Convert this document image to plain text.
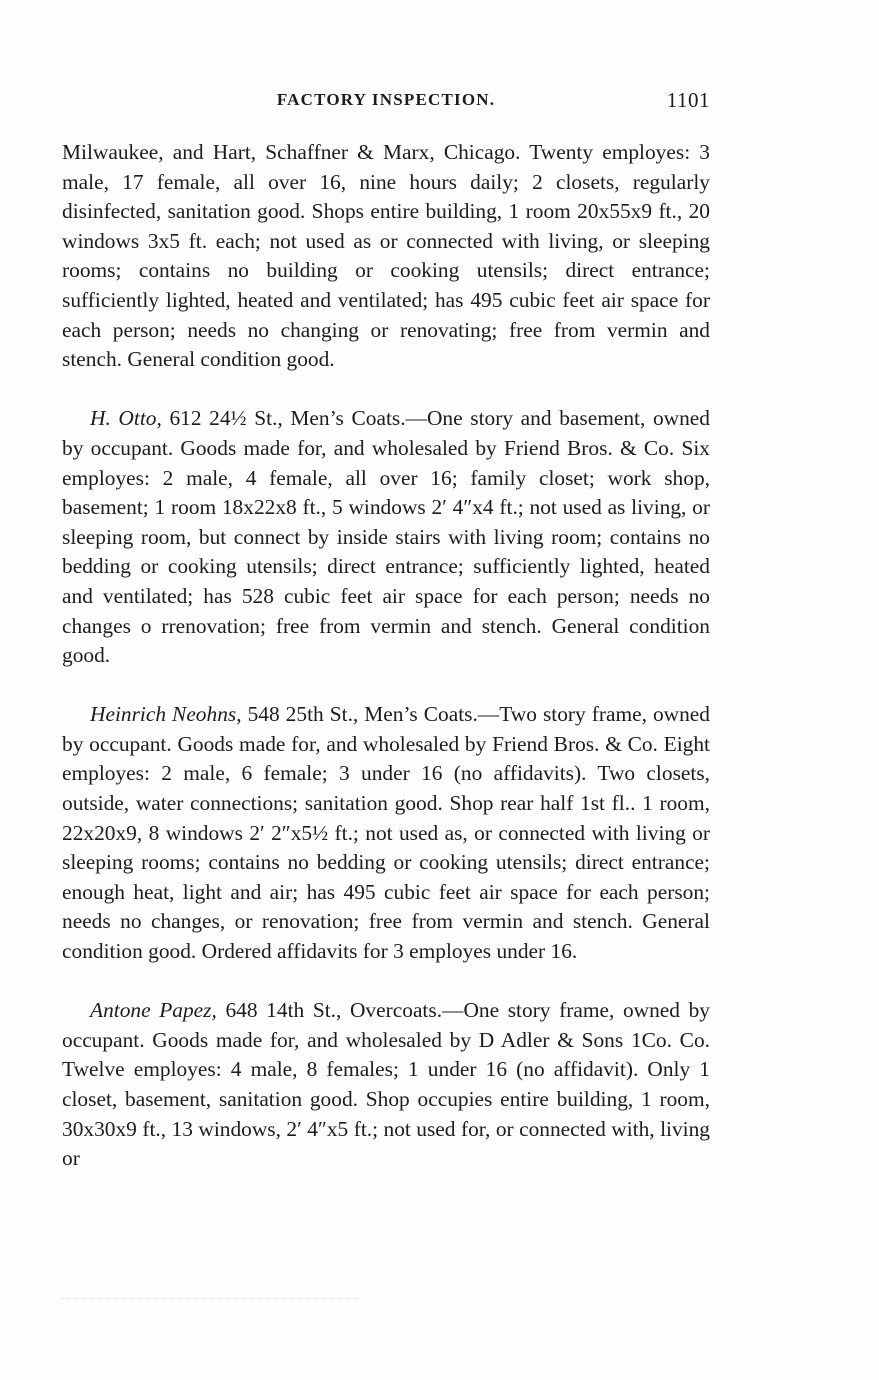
FACTORY INSPECTION.	1101

Milwaukee, and Hart, Schaffner & Marx, Chicago. Twenty employes: 3 male, 17 female, all over 16, nine hours daily; 2 closets, regularly disinfected, sanitation good. Shops entire building, 1 room 20x55x9 ft., 20 windows 3x5 ft. each; not used as or connected with living, or sleeping rooms; contains no building or cooking utensils; direct entrance; sufficiently lighted, heated and ventilated; has 495 cubic feet air space for each person; needs no changing or renovating; free from vermin and stench. General condition good.

H. Otto, 612 24½ St., Men’s Coats.—One story and basement, owned by occupant. Goods made for, and wholesaled by Friend Bros. & Co. Six employes: 2 male, 4 female, all over 16; family closet; work shop, basement; 1 room 18x22x8 ft., 5 windows 2′ 4″x4 ft.; not used as living, or sleeping room, but connect by inside stairs with living room; contains no bedding or cooking utensils; direct entrance; sufficiently lighted, heated and ventilated; has 528 cubic feet air space for each person; needs no changes o rrenovation; free from vermin and stench. General condition good.

Heinrich Neohns, 548 25th St., Men’s Coats.—Two story frame, owned by occupant. Goods made for, and wholesaled by Friend Bros. & Co. Eight employes: 2 male, 6 female; 3 under 16 (no affidavits). Two closets, outside, water connections; sanitation good. Shop rear half 1st fl.. 1 room, 22x20x9, 8 windows 2′ 2″x5½ ft.; not used as, or connected with living or sleeping rooms; contains no bedding or cooking utensils; direct entrance; enough heat, light and air; has 495 cubic feet air space for each person; needs no changes, or renovation; free from vermin and stench. General condition good. Ordered affidavits for 3 employes under 16.

Antone Papez, 648 14th St., Overcoats.—One story frame, owned by occupant. Goods made for, and wholesaled by D Adler & Sons 1Co. Co. Twelve employes: 4 male, 8 females; 1 under 16 (no affidavit). Only 1 closet, basement, sanitation good. Shop occupies entire building, 1 room, 30x30x9 ft., 13 windows, 2′ 4″x5 ft.; not used for, or connected with, living or
